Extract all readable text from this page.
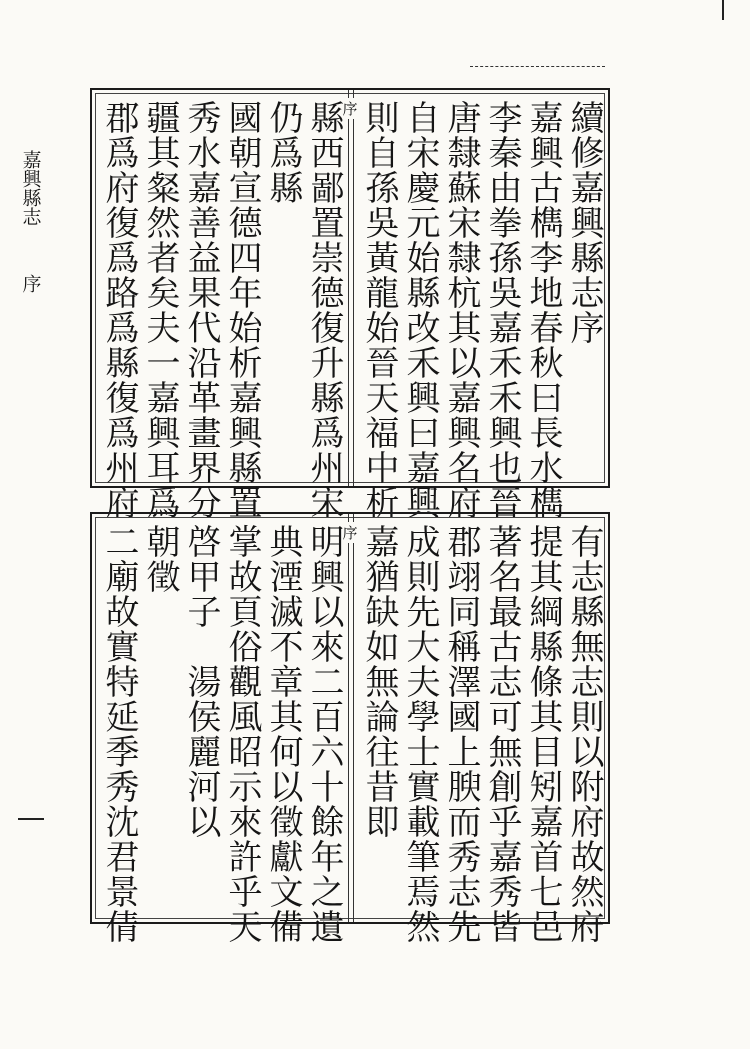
嘉興縣志
序
序	續修嘉興縣志序
嘉興古檇李地春秋曰長水檇
李秦由拳孫吳嘉禾禾興也晉
唐隸蘇宋隸杭其以嘉興名府
自宋慶元始縣改禾興曰嘉興
則自孫吳黃龍始晉天福中析
縣西鄙置崇德復升縣爲州宋
仍爲縣
國朝宣德四年始析嘉興縣置
秀水嘉善益果代沿革畫界分
疆其粲然者矣夫一嘉興耳爲
郡爲府復爲路爲縣復爲州府
序	有志縣無志則以附府故然府
提其綱縣條其目矧嘉首七邑
著名最古志可無創乎嘉秀皆
郡翊同稱澤國上腴而秀志先
成則先大夫學士實載筆焉然
嘉猶缺如無論往昔即
明興以來二百六十餘年之遺
典湮滅不章其何以徵獻文備
掌故頁俗觀風昭示來許乎天
啓甲子　湯侯麗河以
朝徵
二廟故實特延季秀沈君景倩
